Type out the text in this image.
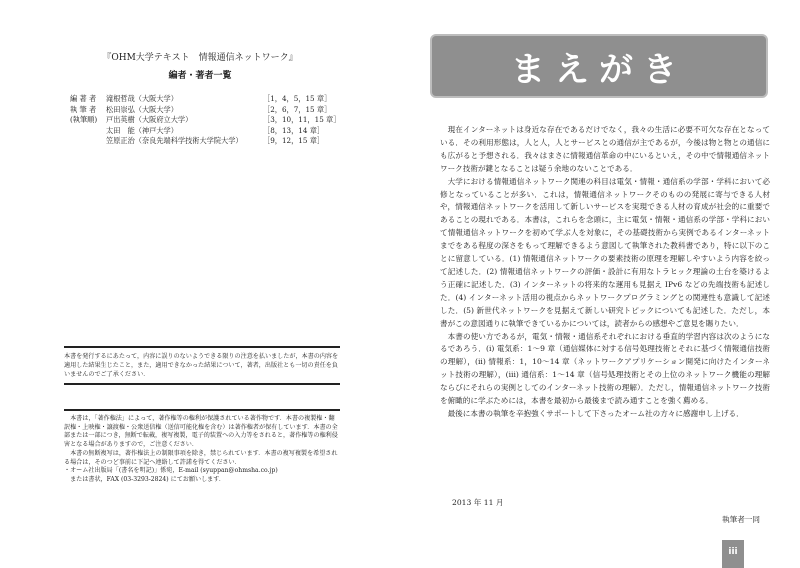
『OHM大学テキスト　情報通信ネットワーク』
編者・著者一覧
編 著 者	滝根哲哉（大阪大学）	［1，4，5，15 章］
執 筆 者	松田崇弘（大阪大学）	［2，6，7，15 章］
(執筆順)	戸出英樹（大阪府立大学）	［3，10，11，15 章］
太田　能（神戸大学）	［8，13，14 章］
笠原正治（奈良先端科学技術大学院大学）	［9，12，15 章］

本書を発行するにあたって，内容に誤りのないようできる限りの注意を払いましたが，本書の内容を適用した結果生じたこと，また，適用できなかった結果について，著者，出版社とも一切の責任を負いませんのでご了承ください．

本書は，「著作権法」によって，著作権等の権利が保護されている著作物です．本書の複製権・翻訳権・上映権・譲渡権・公衆送信権（送信可能化権を含む）は著作権者が保有しています．本書の全部または一部につき，無断で転載，複写複製，電子的装置への入力等をされると，著作権等の権利侵害となる場合がありますので，ご注意ください．

本書の無断複写は，著作権法上の制限事項を除き，禁じられています．本書の複写複製を希望される場合は，そのつど事前に下記へ連絡して許諾を得てください．

・オーム社出版局「(書名を明記)」係宛，E-mail (syuppan@ohmsha.co.jp)

または書状，FAX (03-3293-2824) にてお願いします．

まえがき

現在インターネットは身近な存在であるだけでなく，我々の生活に必要不可欠な存在となっている．その利用形態は，人と人，人とサービスとの通信が主であるが，今後は物と物との通信にも広がると予想される．我々はまさに情報通信革命の中にいるといえ，その中で情報通信ネットワーク技術が鍵となることは疑う余地のないことである．

大学における情報通信ネットワーク関連の科目は電気・情報・通信系の学部・学科において必修となっていることが多い．これは，情報通信ネットワークそのものの発展に寄与できる人材や，情報通信ネットワークを活用して新しいサービスを実現できる人材の育成が社会的に重要であることの現れである．本書は，これらを念頭に，主に電気・情報・通信系の学部・学科において情報通信ネットワークを初めて学ぶ人を対象に，その基礎技術から実例であるインターネットまでをある程度の深さをもって理解できるよう意図して執筆された教科書であり，特に以下のことに留意している．(1) 情報通信ネットワークの要素技術の原理を理解しやすいよう内容を絞って記述した．(2) 情報通信ネットワークの評価・設計に有用なトラヒック理論の土台を築けるよう正確に記述した．(3) インターネットの将来的な運用も見据え IPv6 などの先端技術も記述した．(4) インターネット活用の視点からネットワークプログラミングとの関連性も意識して記述した．(5) 新世代ネットワークを見据えて新しい研究トピックについても記述した．ただし，本書がこの意図通りに執筆できているかについては，読者からの感想やご意見を賜りたい．

本書の使い方であるが，電気・情報・通信系それぞれにおける垂直的学習内容は次のようになるであろう．(i) 電気系：1〜9 章（通信媒体に対する信号処理技術とそれに基づく情報通信技術の理解），(ii) 情報系：1，10〜14 章（ネットワークアプリケーション開発に向けたインターネット技術の理解），(iii) 通信系：1〜14 章（信号処理技術とその上位のネットワーク機能の理解ならびにそれらの実例としてのインターネット技術の理解）．ただし，情報通信ネットワーク技術を俯瞰的に学ぶためには，本書を最初から最後まで読み通すことを強く薦める．

最後に本書の執筆を辛抱強くサポートして下さったオーム社の方々に感謝申し上げる．

2013 年 11 月
執筆者一同
iii
